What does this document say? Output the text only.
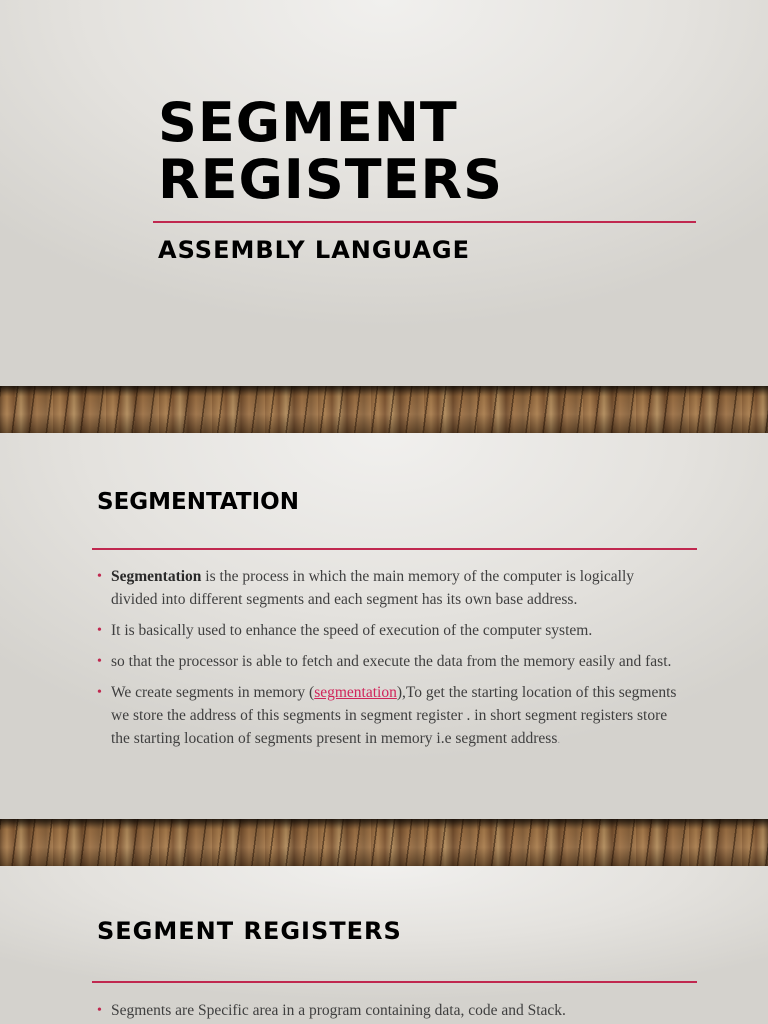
SEGMENT
REGISTERS
ASSEMBLY LANGUAGE
SEGMENTATION
• Segmentation is the process in which the main memory of the computer is logically divided into different segments and each segment has its own base address.
• It is basically used to enhance the speed of execution of the computer system.
• so that the processor is able to fetch and execute the data from the memory easily and fast.
• We create segments in memory (segmentation),To get the starting location of this segments we store the address of this segments in segment register . in short segment registers store the starting location of segments present in memory i.e segment address.
SEGMENT REGISTERS
• Segments are Specific area in a program containing data, code and Stack.
